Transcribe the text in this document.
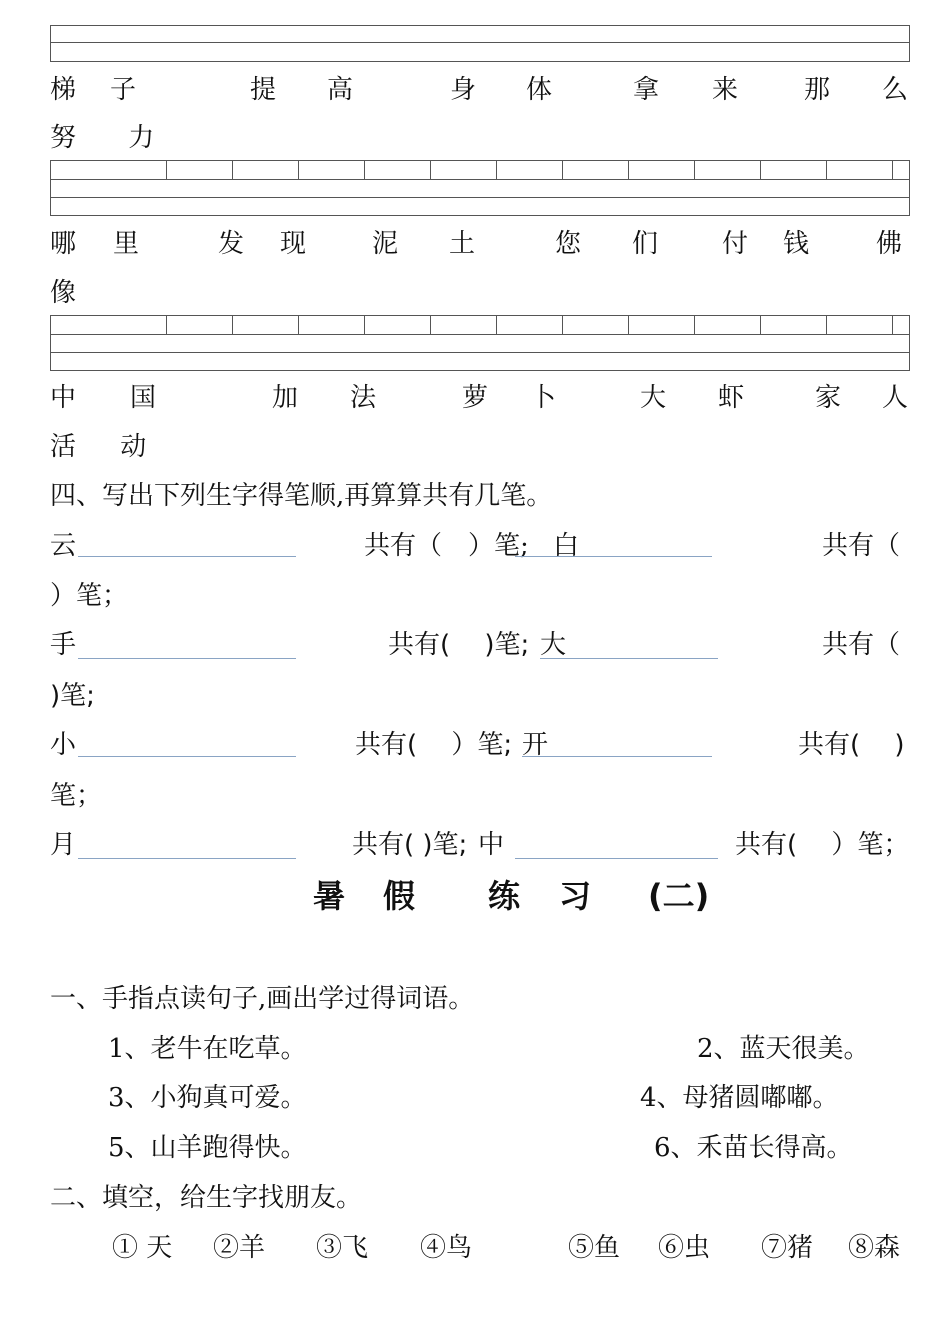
梯 子	提 高	身 体	拿 来	那 么
努 力
哪 里	发 现	泥 土	您 们 付 钱	佛
像
中 国	加 法	萝 卜	大 虾	家 人
活 动
四、写出下列生字得笔顺,再算算共有几笔。
云	共有（　）笔; 白	共有（
）笔；
手	共有(　 )笔; 大	共有（
)笔;
小	共有(　 ）笔; 开	共有(　 )
笔；
月	共有( )笔; 中	共有(　 ）笔；
暑 假 练 习 (二)
一、手指点读句子,画出学过得词语。
1、老牛在吃草。	2、蓝天很美。
3、小狗真可爱。	4、母猪圆嘟嘟。
5、山羊跑得快。	6、禾苗长得高。
二、填空，给生字找朋友。
① 天 ②羊 ③飞 ④鸟	⑤鱼 ⑥虫 ⑦猪 ⑧森
